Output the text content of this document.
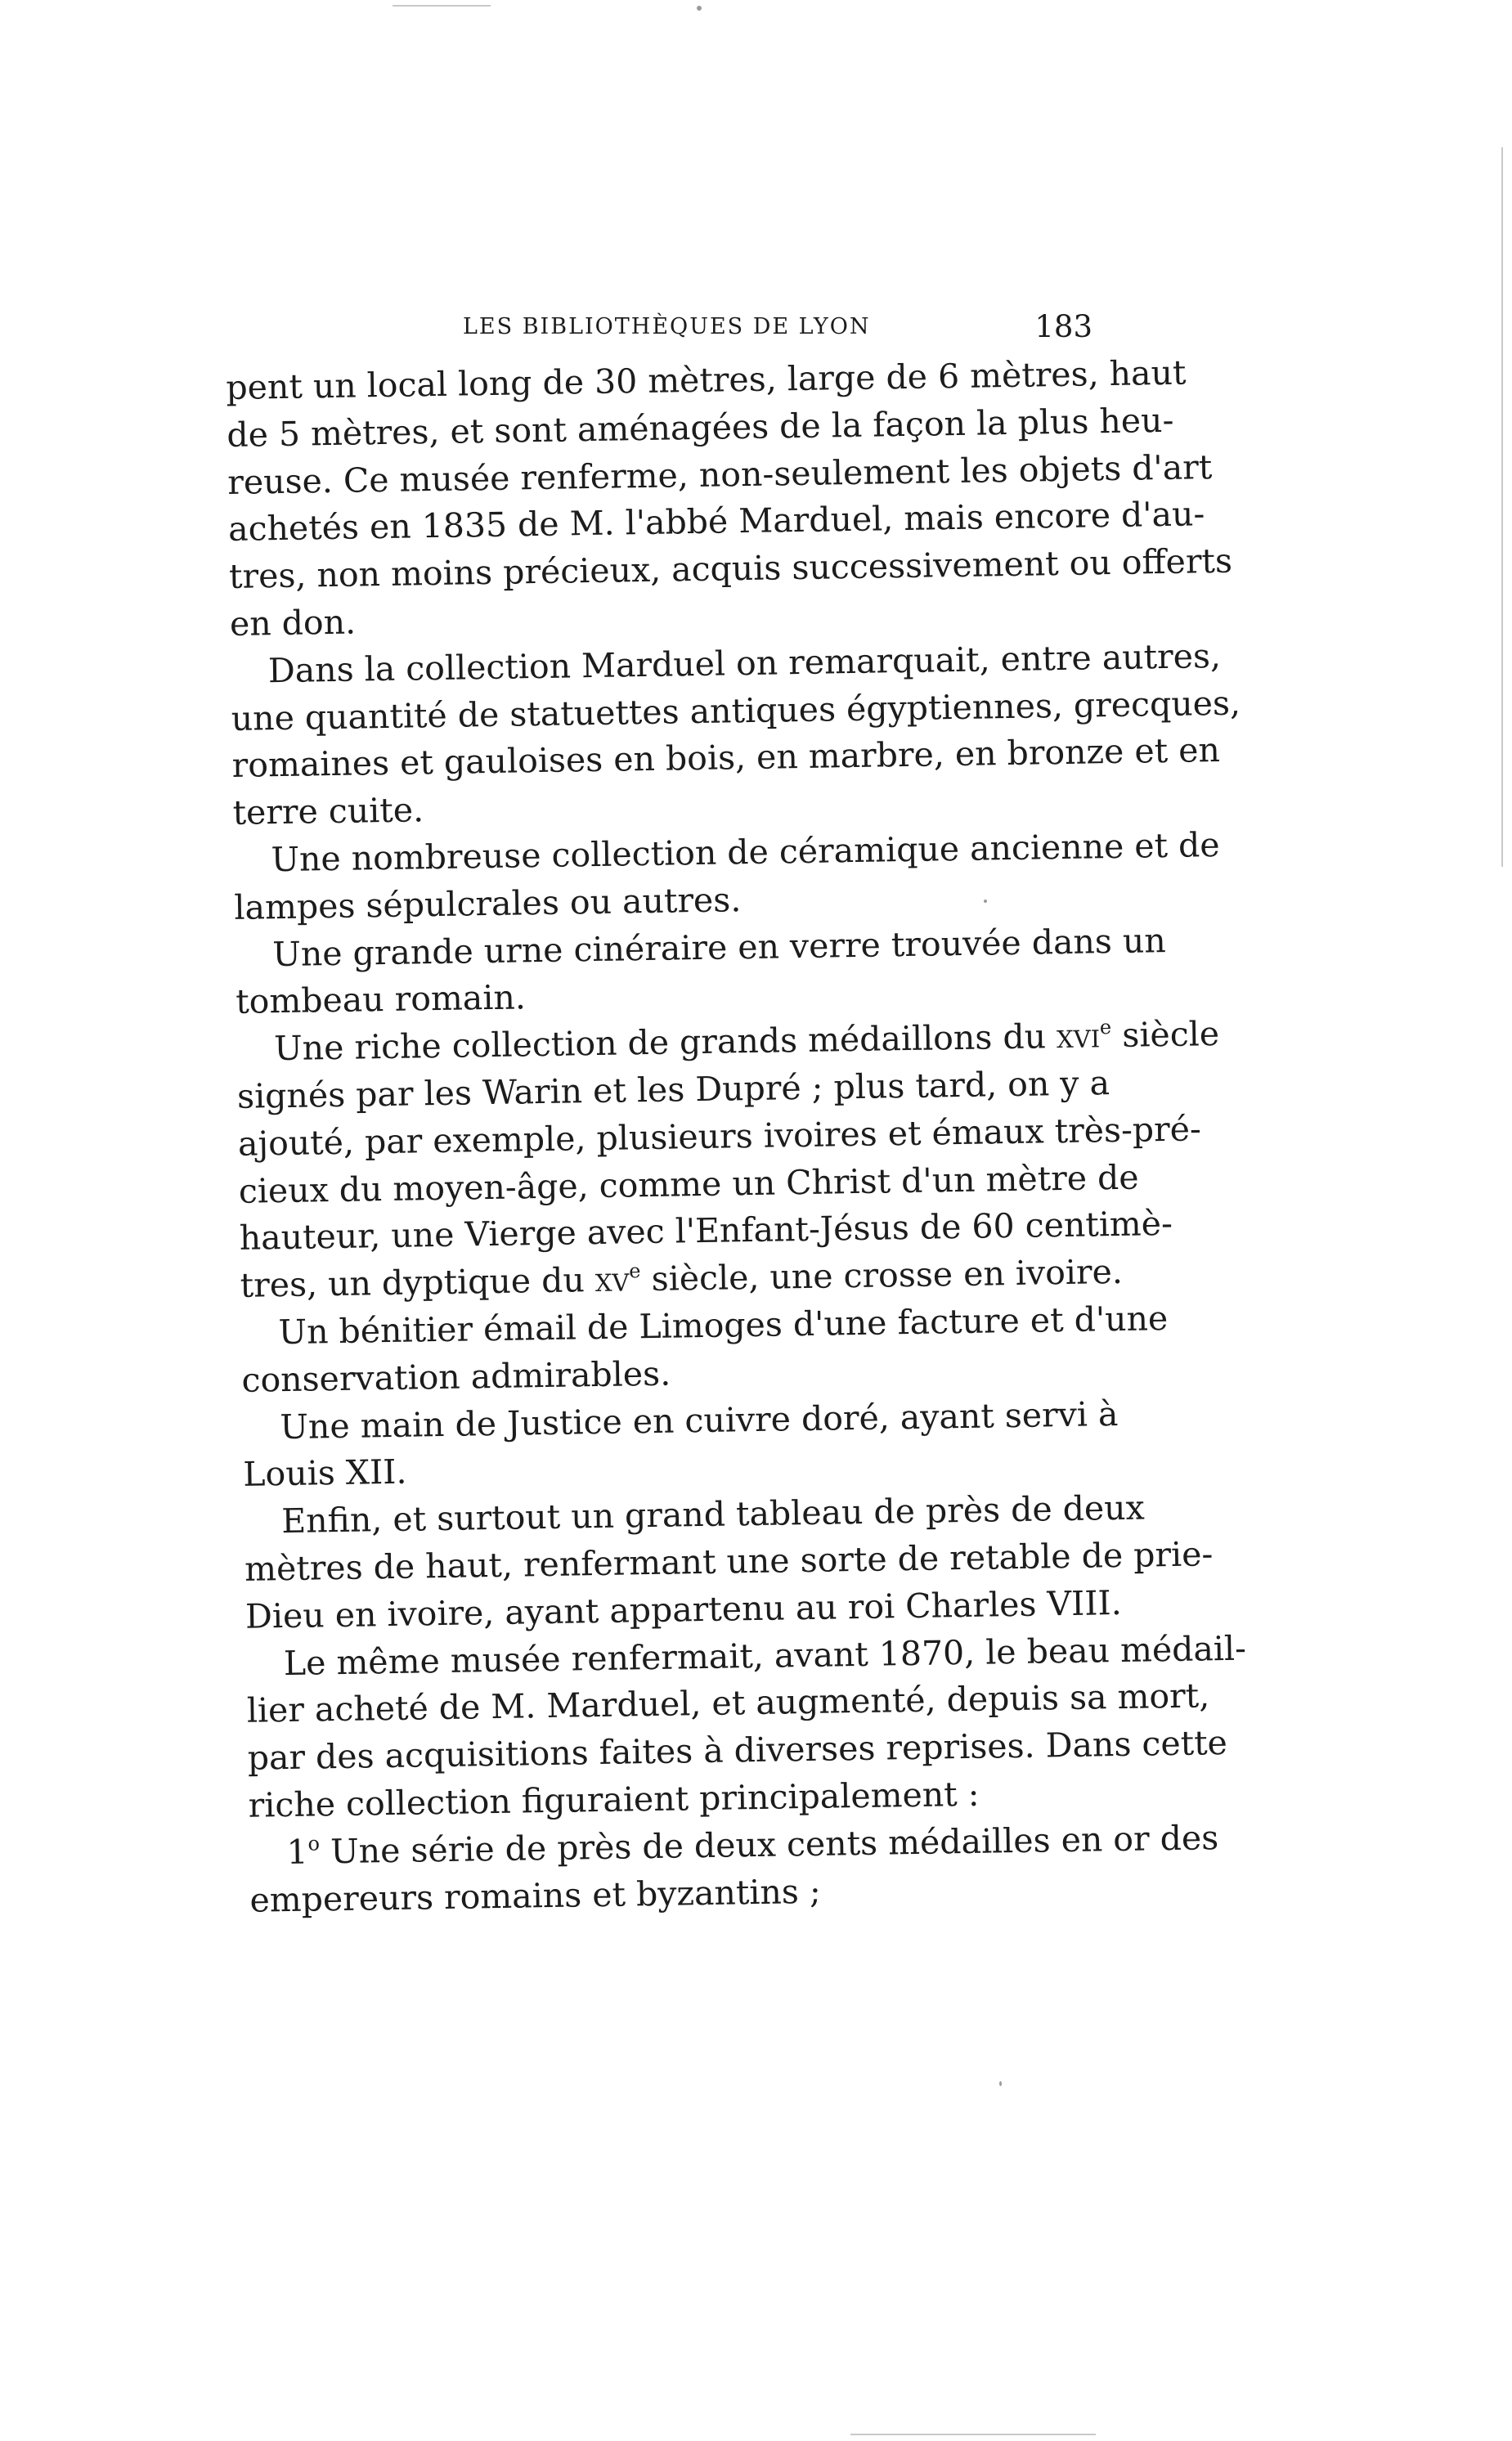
LES BIBLIOTHÈQUES DE LYON	183
pent un local long de 30 mètres, large de 6 mètres, haut
de 5 mètres, et sont aménagées de la façon la plus heu-
reuse. Ce musée renferme, non-seulement les objets d'art
achetés en 1835 de M. l'abbé Marduel, mais encore d'au-
tres, non moins précieux, acquis successivement ou offerts
en don.
Dans la collection Marduel on remarquait, entre autres,
une quantité de statuettes antiques égyptiennes, grecques,
romaines et gauloises en bois, en marbre, en bronze et en
terre cuite.
Une nombreuse collection de céramique ancienne et de
lampes sépulcrales ou autres.
Une grande urne cinéraire en verre trouvée dans un
tombeau romain.
Une riche collection de grands médaillons du xvi$^e$ siècle
signés par les Warin et les Dupré ; plus tard, on y a
ajouté, par exemple, plusieurs ivoires et émaux très-pré-
cieux du moyen-âge, comme un Christ d'un mètre de
hauteur, une Vierge avec l'Enfant-Jésus de 60 centimè-
tres, un dyptique du $xv^e$ siècle, une crosse en ivoire.
Un bénitier émail de Limoges d'une facture et d'une
conservation admirables.
Une main de Justice en cuivre doré, ayant servi à
Louis XII.
Enfin, et surtout un grand tableau de près de deux
mètres de haut, renfermant une sorte de retable de prie-
Dieu en ivoire, ayant appartenu au roi Charles VIII.
Le même musée renfermait, avant 1870, le beau médail-
lier acheté de M. Marduel, et augmenté, depuis sa mort,
par des acquisitions faites à diverses reprises. Dans cette
riche collection figuraient principalement :
1$^o$ Une série de près de deux cents médailles en or des
empereurs romains et byzantins ;
